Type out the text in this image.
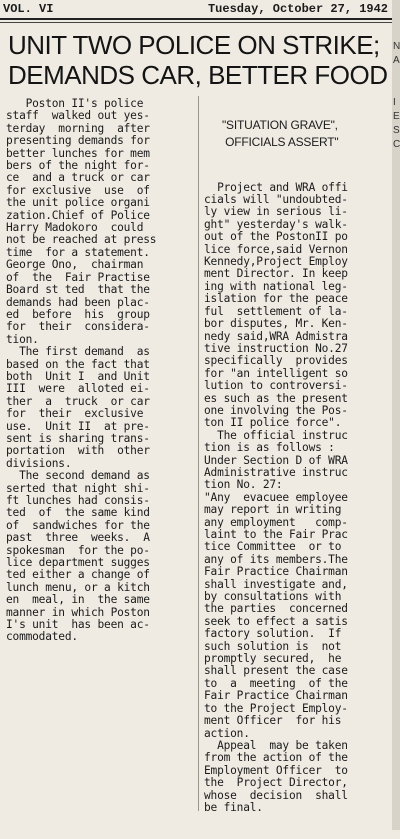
VOL. VI	Tuesday, October 27, 1942
UNIT TWO POLICE ON STRIKE;
DEMANDS CAR, BETTER FOOD
Poston II's police
staff  walked out yes-
terday  morning  after
presenting demands for
better lunches for mem
bers of the night for-
ce  and a truck or car
for exclusive  use  of
the unit police organi
zation.Chief of Police
Harry Madokoro  could
not be reached at press
time  for a statement.
George Ono,  chairman
of  the  Fair Practise
Board st ted  that the
demands had been plac-
ed  before  his  group
for  their  considera-
tion.
The first demand  as
based on the fact that
both  Unit I  and Unit
III  were  alloted ei-
ther  a  truck  or car
for  their  exclusive
use.  Unit II  at pre-
sent is sharing trans-
portation  with  other
divisions.
The second demand as
serted that night shi-
ft lunches had consis-
ted  of  the same kind
of  sandwiches for the
past  three  weeks.  A
spokesman  for the po-
lice department sugges
ted either a change of
lunch menu, or a kitch
en  meal, in  the same
manner in which Poston
I's unit  has been ac-
commodated.

"SITUATION GRAVE",
OFFICIALS ASSERT"

Project and WRA offi
cials will "undoubted-
ly view in serious li-
ght" yesterday's walk-
out of the PostonII po
lice force,said Vernon
Kennedy,Project Employ
ment Director. In keep
ing with national leg-
islation for the peace
ful  settlement of la-
bor disputes, Mr. Ken-
nedy said,WRA Admistra
tive instruction No.27
specifically  provides
for "an intelligent so
lution to controversi-
es such as the present
one involving the Pos-
ton II police force".
The official instruc
tion is as follows :
Under Section D of WRA
Administrative instruc
tion No. 27:
"Any  evacuee employee
may report in writing
any employment   comp-
laint to the Fair Prac
tice Committee  or to
any of its members.The
Fair Practice Chairman
shall investigate and,
by consultations with
the parties  concerned
seek to effect a satis
factory solution.  If
such solution is  not
promptly secured,  he
shall present the case
to  a  meeting  of the
Fair Practice Chairman
to the Project Employ-
ment Officer  for his
action.
Appeal  may be taken
from the action of the
Employment Officer  to
the  Project Director,
whose  decision  shall
be final.

N
A

I
E
S
C
